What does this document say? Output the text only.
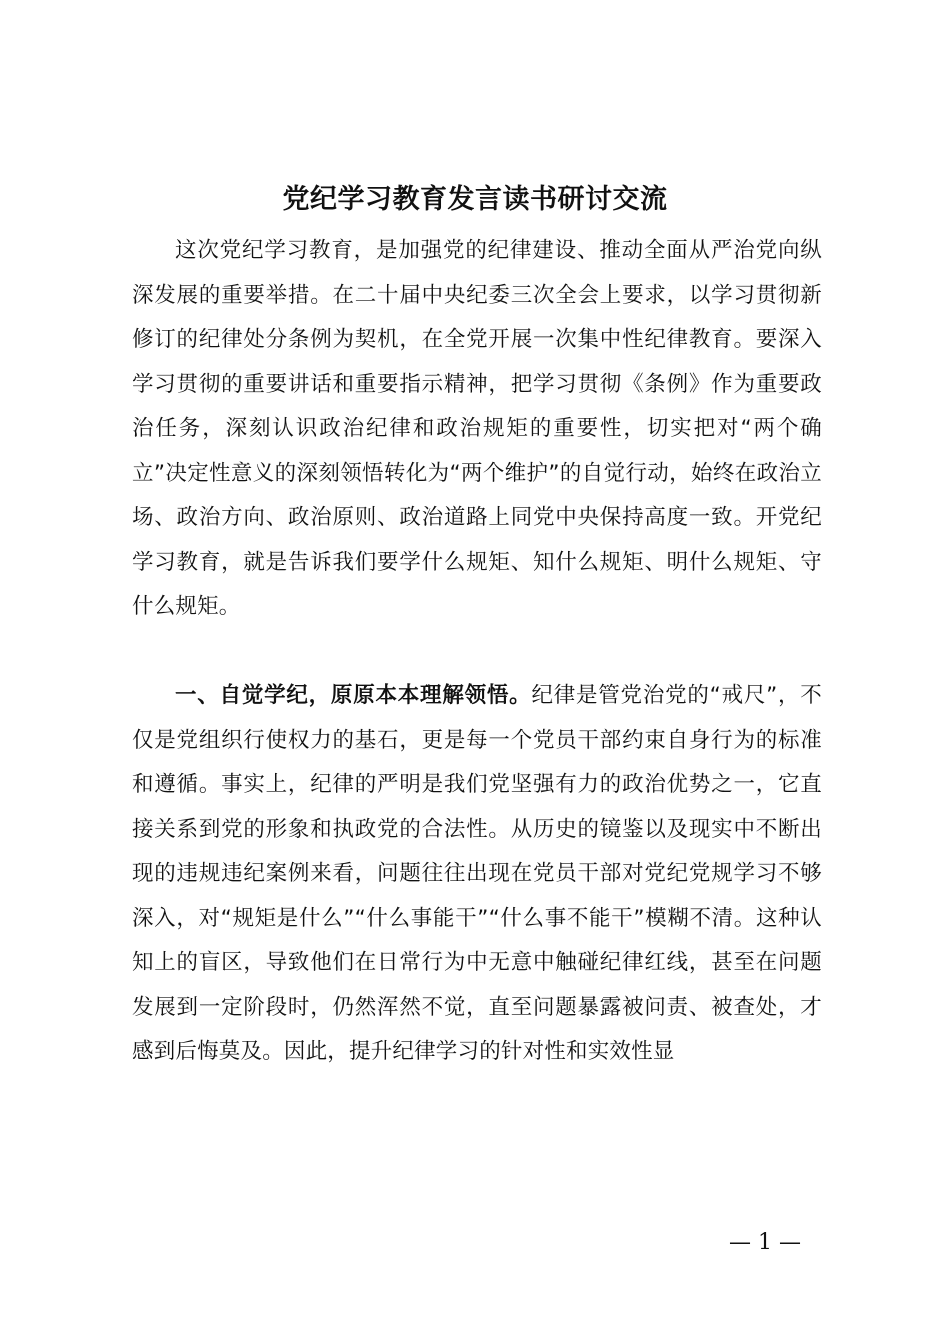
党纪学习教育发言读书研讨交流

这次党纪学习教育，是加强党的纪律建设、推动全面从严治党向纵深发展的重要举措。在二十届中央纪委三次全会上要求，以学习贯彻新修订的纪律处分条例为契机，在全党开展一次集中性纪律教育。要深入学习贯彻的重要讲话和重要指示精神，把学习贯彻《条例》作为重要政治任务，深刻认识政治纪律和政治规矩的重要性，切实把对“两个确立”决定性意义的深刻领悟转化为“两个维护”的自觉行动，始终在政治立场、政治方向、政治原则、政治道路上同党中央保持高度一致。开党纪学习教育，就是告诉我们要学什么规矩、知什么规矩、明什么规矩、守什么规矩。

一、自觉学纪，原原本本理解领悟。纪律是管党治党的“戒尺”，不仅是党组织行使权力的基石，更是每一个党员干部约束自身行为的标准和遵循。事实上，纪律的严明是我们党坚强有力的政治优势之一，它直接关系到党的形象和执政党的合法性。从历史的镜鉴以及现实中不断出现的违规违纪案例来看，问题往往出现在党员干部对党纪党规学习不够深入，对“规矩是什么”“什么事能干”“什么事不能干”模糊不清。这种认知上的盲区，导致他们在日常行为中无意中触碰纪律红线，甚至在问题发展到一定阶段时，仍然浑然不觉，直至问题暴露被问责、被查处，才感到后悔莫及。因此，提升纪律学习的针对性和实效性显

— 1 —
